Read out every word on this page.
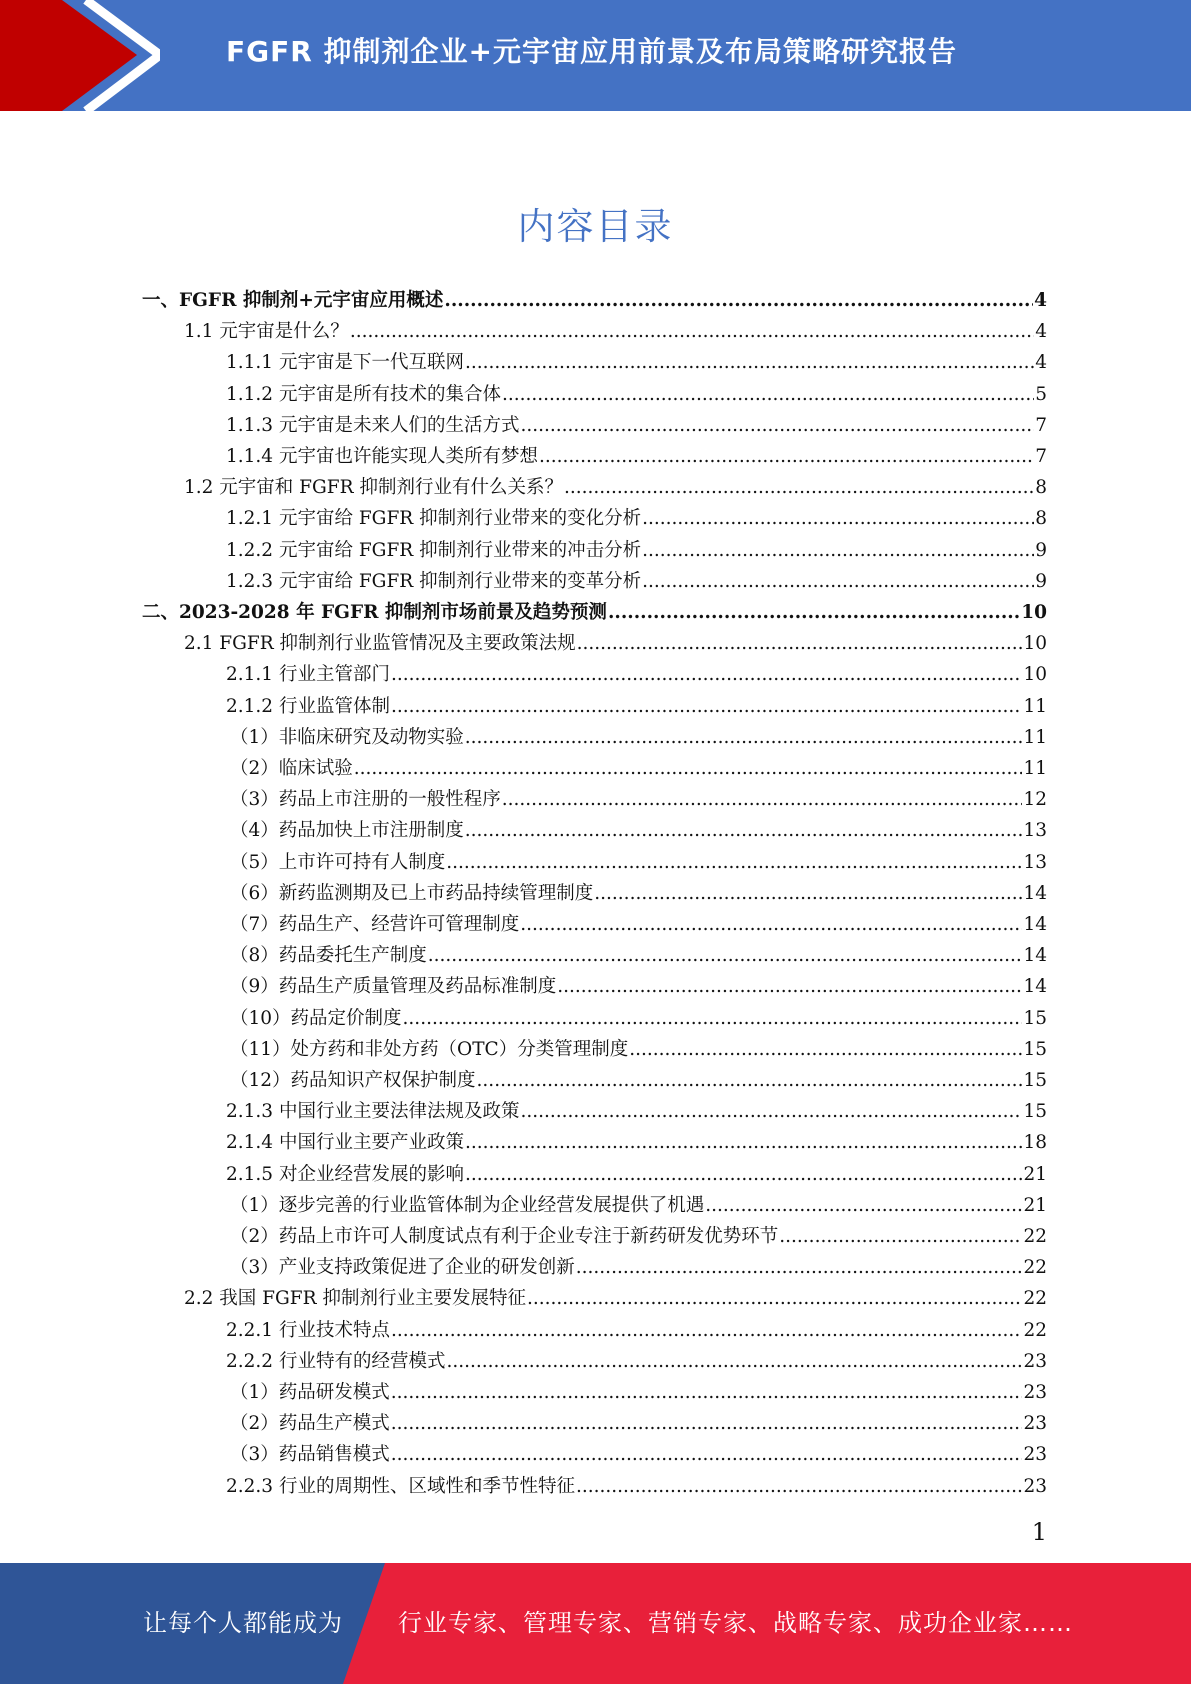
FGFR 抑制剂企业+元宇宙应用前景及布局策略研究报告
内容目录
一、FGFR 抑制剂+元宇宙应用概述 .....	4
1.1 元宇宙是什么？ .....	4
1.1.1 元宇宙是下一代互联网 .....	4
1.1.2 元宇宙是所有技术的集合体 .....	5
1.1.3 元宇宙是未来人们的生活方式 .....	7
1.1.4 元宇宙也许能实现人类所有梦想 .....	7
1.2 元宇宙和 FGFR 抑制剂行业有什么关系？ .....	8
1.2.1 元宇宙给 FGFR 抑制剂行业带来的变化分析 .....	8
1.2.2 元宇宙给 FGFR 抑制剂行业带来的冲击分析 .....	9
1.2.3 元宇宙给 FGFR 抑制剂行业带来的变革分析 .....	9
二、2023-2028 年 FGFR 抑制剂市场前景及趋势预测 .....	10
2.1 FGFR 抑制剂行业监管情况及主要政策法规 .....	10
2.1.1 行业主管部门 .....	10
2.1.2 行业监管体制 .....	11
（1）非临床研究及动物实验 .....	11
（2）临床试验 .....	11
（3）药品上市注册的一般性程序 .....	12
（4）药品加快上市注册制度 .....	13
（5）上市许可持有人制度 .....	13
（6）新药监测期及已上市药品持续管理制度 .....	14
（7）药品生产、经营许可管理制度 .....	14
（8）药品委托生产制度 .....	14
（9）药品生产质量管理及药品标准制度 .....	14
（10）药品定价制度 .....	15
（11）处方药和非处方药（OTC）分类管理制度 .....	15
（12）药品知识产权保护制度 .....	15
2.1.3 中国行业主要法律法规及政策 .....	15
2.1.4 中国行业主要产业政策 .....	18
2.1.5 对企业经营发展的影响 .....	21
（1）逐步完善的行业监管体制为企业经营发展提供了机遇 .....	21
（2）药品上市许可人制度试点有利于企业专注于新药研发优势环节 .....	22
（3）产业支持政策促进了企业的研发创新 .....	22
2.2 我国 FGFR 抑制剂行业主要发展特征 .....	22
2.2.1 行业技术特点 .....	22
2.2.2 行业特有的经营模式 .....	23
（1）药品研发模式 .....	23
（2）药品生产模式 .....	23
（3）药品销售模式 .....	23
2.2.3 行业的周期性、区域性和季节性特征 .....	23
1
让每个人都能成为 行业专家、管理专家、营销专家、战略专家、成功企业家……
